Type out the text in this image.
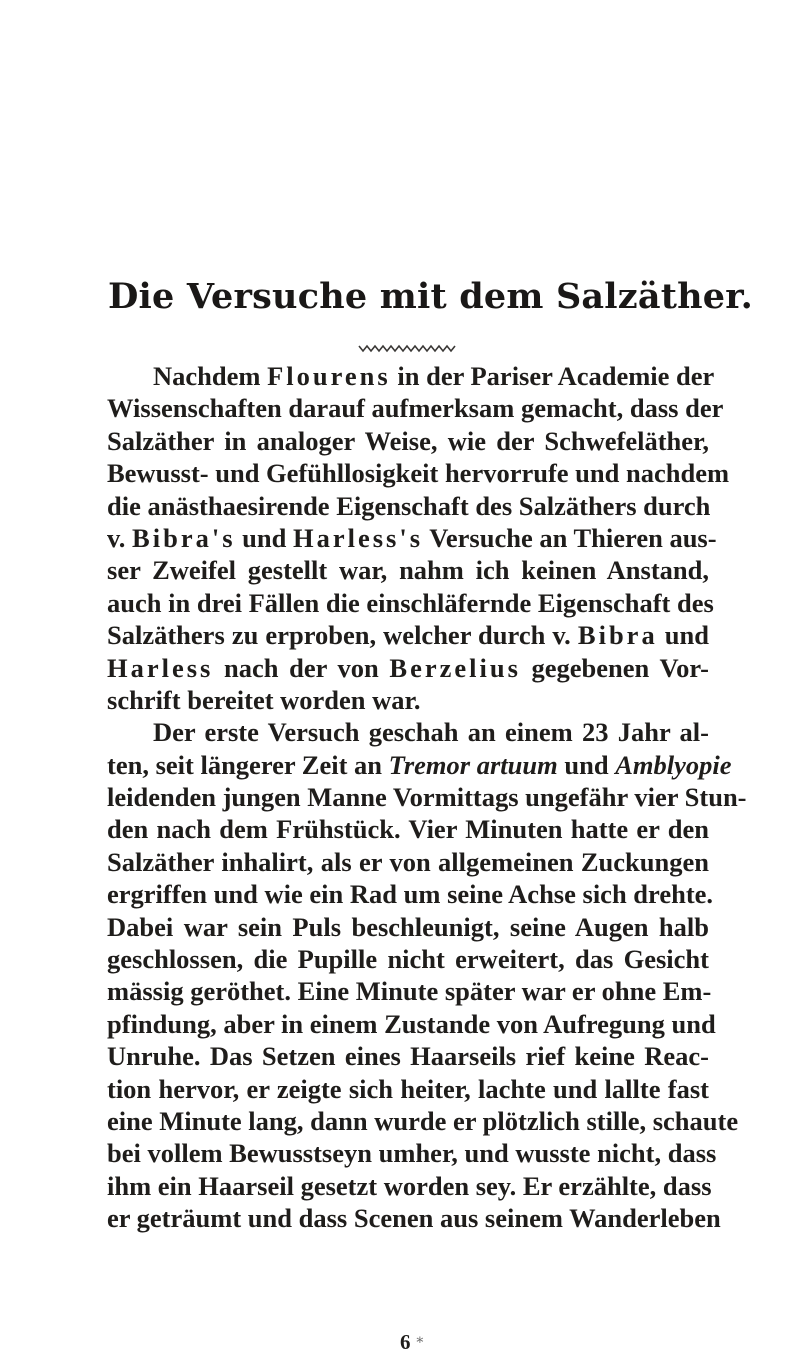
Die Versuche mit dem Salzäther.
Nachdem Flourens in der Pariser Academie der
Wissenschaften darauf aufmerksam gemacht, dass der
Salzäther in analoger Weise, wie der Schwefeläther,
Bewusst- und Gefühllosigkeit hervorrufe und nachdem
die anästhaesirende Eigenschaft des Salzäthers durch
v. Bibra's und Harless's Versuche an Thieren aus-
ser Zweifel gestellt war, nahm ich keinen Anstand,
auch in drei Fällen die einschläfernde Eigenschaft des
Salzäthers zu erproben, welcher durch v. Bibra und
Harless nach der von Berzelius gegebenen Vor-
schrift bereitet worden war.
Der erste Versuch geschah an einem 23 Jahr al-
ten, seit längerer Zeit an Tremor artuum und Amblyopie
leidenden jungen Manne Vormittags ungefähr vier Stun-
den nach dem Frühstück. Vier Minuten hatte er den
Salzäther inhalirt, als er von allgemeinen Zuckungen
ergriffen und wie ein Rad um seine Achse sich drehte.
Dabei war sein Puls beschleunigt, seine Augen halb
geschlossen, die Pupille nicht erweitert, das Gesicht
mässig geröthet. Eine Minute später war er ohne Em-
pfindung, aber in einem Zustande von Aufregung und
Unruhe. Das Setzen eines Haarseils rief keine Reac-
tion hervor, er zeigte sich heiter, lachte und lallte fast
eine Minute lang, dann wurde er plötzlich stille, schaute
bei vollem Bewusstseyn umher, und wusste nicht, dass
ihm ein Haarseil gesetzt worden sey. Er erzählte, dass
er geträumt und dass Scenen aus seinem Wanderleben
6 ∗
